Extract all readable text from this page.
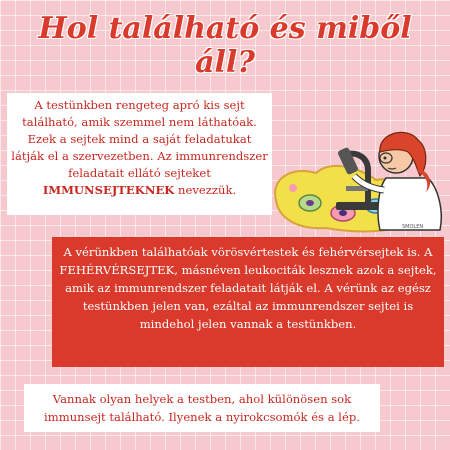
Hol található és miből
áll?
A testünkben rengeteg apró kis sejt található, amik szemmel nem láthatóak. Ezek a sejtek mind a saját feladatukat látják el a szervezetben. Az immunrendszer feladatait ellátó sejteket IMMUNSEJTEKNEK nevezzük.
SMOLEN
A vérünkben találhatóak vörösvértestek és fehérvérsejtek is. A FEHÉRVÉRSEJTEK, másnéven leukociták lesznek azok a sejtek, amik az immunrendszer feladatait látják el. A vérünk az egész testünkben jelen van, ezáltal az immunrendszer sejtei is mindehol jelen vannak a testünkben.
Vannak olyan helyek a testben, ahol különösen sok immunsejt található. Ilyenek a nyirokcsomók és a lép.
